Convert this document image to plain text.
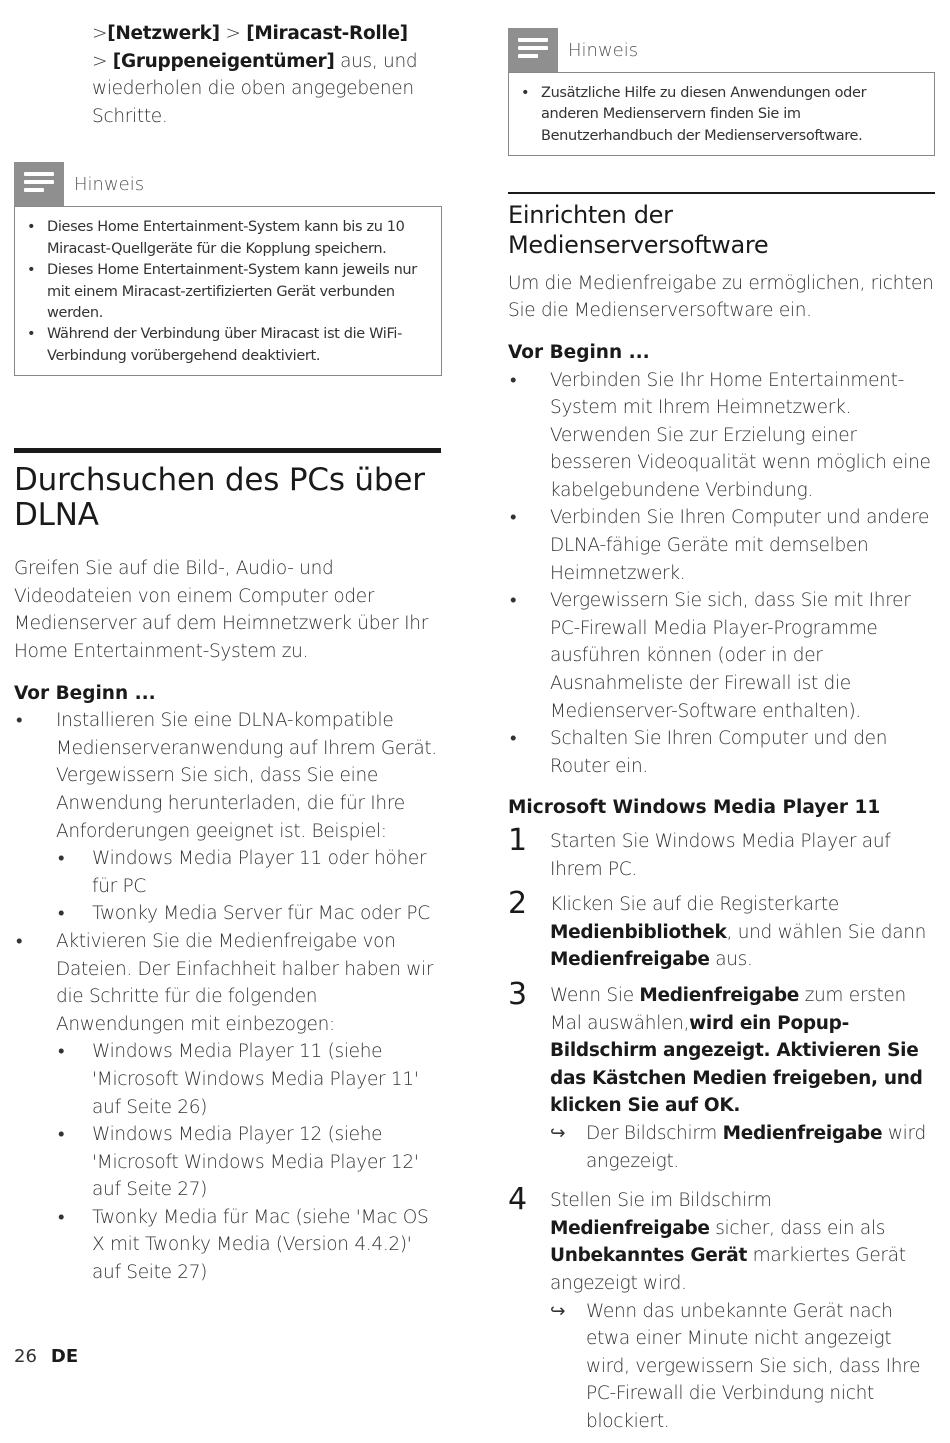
>[Netzwerk] > [Miracast-Rolle]
> [Gruppeneigentümer] aus, und wiederholen die oben angegebenen Schritte.
Hinweis
• Dieses Home Entertainment-System kann bis zu 10 Miracast-Quellgeräte für die Kopplung speichern.
• Dieses Home Entertainment-System kann jeweils nur mit einem Miracast-zertifizierten Gerät verbunden werden.
• Während der Verbindung über Miracast ist die WiFi-Verbindung vorübergehend deaktiviert.
Durchsuchen des PCs über DLNA
Greifen Sie auf die Bild-, Audio- und Videodateien von einem Computer oder Medienserver auf dem Heimnetzwerk über Ihr Home Entertainment-System zu.
Vor Beginn ...
• Installieren Sie eine DLNA-kompatible Medienserveranwendung auf Ihrem Gerät. Vergewissern Sie sich, dass Sie eine Anwendung herunterladen, die für Ihre Anforderungen geeignet ist. Beispiel:
• Windows Media Player 11 oder höher für PC
• Twonky Media Server für Mac oder PC
• Aktivieren Sie die Medienfreigabe von Dateien. Der Einfachheit halber haben wir die Schritte für die folgenden Anwendungen mit einbezogen:
• Windows Media Player 11 (siehe 'Microsoft Windows Media Player 11' auf Seite 26)
• Windows Media Player 12 (siehe 'Microsoft Windows Media Player 12' auf Seite 27)
• Twonky Media für Mac (siehe 'Mac OS X mit Twonky Media (Version 4.4.2)' auf Seite 27)
Hinweis
• Zusätzliche Hilfe zu diesen Anwendungen oder anderen Medienservern finden Sie im Benutzerhandbuch der Medienserversoftware.
Einrichten der Medienserversoftware
Um die Medienfreigabe zu ermöglichen, richten Sie die Medienserversoftware ein.
Vor Beginn ...
• Verbinden Sie Ihr Home Entertainment-System mit Ihrem Heimnetzwerk. Verwenden Sie zur Erzielung einer besseren Videoqualität wenn möglich eine kabelgebundene Verbindung.
• Verbinden Sie Ihren Computer und andere DLNA-fähige Geräte mit demselben Heimnetzwerk.
• Vergewissern Sie sich, dass Sie mit Ihrer PC-Firewall Media Player-Programme ausführen können (oder in der Ausnahmeliste der Firewall ist die Medienserver-Software enthalten).
• Schalten Sie Ihren Computer und den Router ein.
Microsoft Windows Media Player 11
1 Starten Sie Windows Media Player auf Ihrem PC.
2 Klicken Sie auf die Registerkarte Medienbibliothek, und wählen Sie dann Medienfreigabe aus.
3 Wenn Sie Medienfreigabe zum ersten Mal auswählen,wird ein Popup-Bildschirm angezeigt. Aktivieren Sie das Kästchen Medien freigeben, und klicken Sie auf OK.
↪ Der Bildschirm Medienfreigabe wird angezeigt.
4 Stellen Sie im Bildschirm Medienfreigabe sicher, dass ein als Unbekanntes Gerät markiertes Gerät angezeigt wird.
↪ Wenn das unbekannte Gerät nach etwa einer Minute nicht angezeigt wird, vergewissern Sie sich, dass Ihre PC-Firewall die Verbindung nicht blockiert.
26 DE
